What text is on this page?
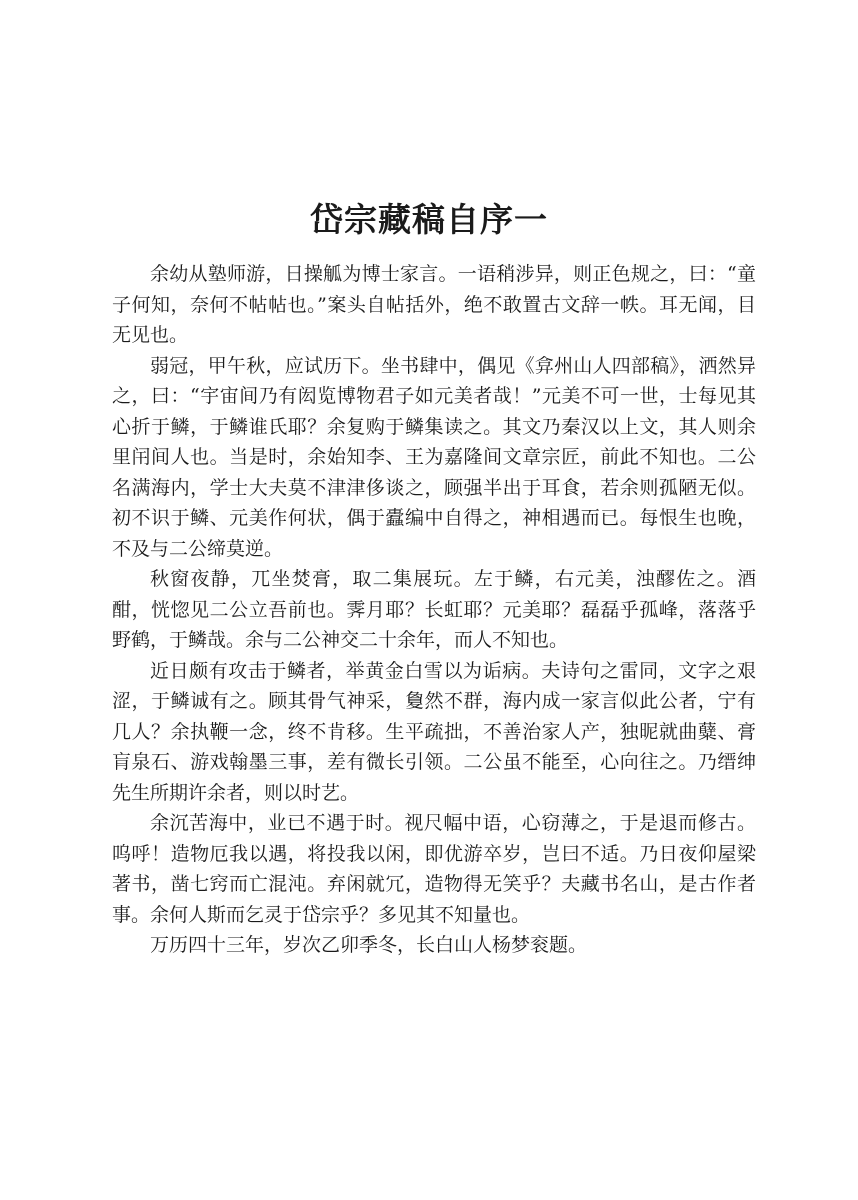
岱宗藏稿自序一

余幼从塾师游，日操觚为博士家言。一语稍涉异，则正色规之，曰：“童子何知，奈何不帖帖也。”案头自帖括外，绝不敢置古文辞一帙。耳无闻，目无见也。

弱冠，甲午秋，应试历下。坐书肆中，偶见《弇州山人四部稿》，洒然异之，曰：“宇宙间乃有闳览博物君子如元美者哉！”元美不可一世，士每见其心折于鳞，于鳞谁氏耶？余复购于鳞集读之。其文乃秦汉以上文，其人则余里闬间人也。当是时，余始知李、王为嘉隆间文章宗匠，前此不知也。二公名满海内，学士大夫莫不津津侈谈之，顾强半出于耳食，若余则孤陋无似。初不识于鳞、元美作何状，偶于蠹编中自得之，神相遇而已。每恨生也晚，不及与二公缔莫逆。

秋窗夜静，兀坐焚膏，取二集展玩。左于鳞，右元美，浊醪佐之。酒酣，恍惚见二公立吾前也。霁月耶？长虹耶？元美耶？磊磊乎孤峰，落落乎野鹤，于鳞哉。余与二公神交二十余年，而人不知也。

近日颇有攻击于鳞者，举黄金白雪以为诟病。夫诗句之雷同，文字之艰涩，于鳞诚有之。顾其骨气神采，敻然不群，海内成一家言似此公者，宁有几人？余执鞭一念，终不肯移。生平疏拙，不善治家人产，独昵就曲糵、膏肓泉石、游戏翰墨三事，差有微长引领。二公虽不能至，心向往之。乃缙绅先生所期许余者，则以时艺。

余沉苦海中，业已不遇于时。视尺幅中语，心窃薄之，于是退而修古。呜呼！造物厄我以遇，将投我以闲，即优游卒岁，岂曰不适。乃日夜仰屋梁著书，凿七窍而亡混沌。弃闲就冗，造物得无笑乎？夫藏书名山，是古作者事。余何人斯而乞灵于岱宗乎？多见其不知量也。

万历四十三年，岁次乙卯季冬，长白山人杨梦衮题。
